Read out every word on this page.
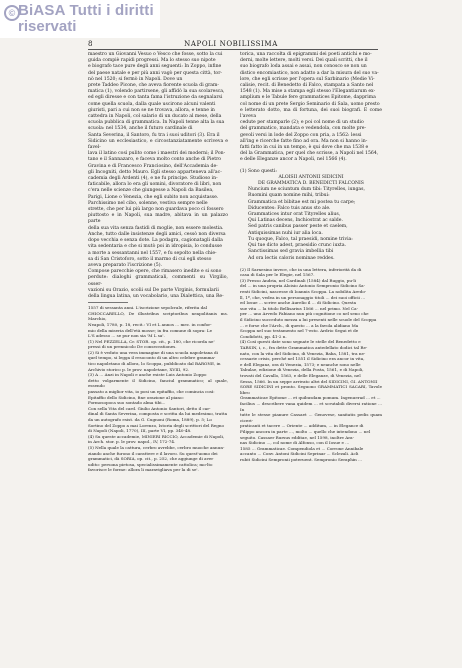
© BiASA Tutti i diritti
riservati
NAPOLI NOBILISSIMA
8
maestro un Giovanni Vesuo o Vesco che fosse, sotto la cui
guida compiè rapidi progressi. Ma lo stesso suo nipote
e biografo tace pure degli anni seguenti: In Zoppo, infine
del paese natale e per più anni vagò per questa città, tor-
nò nel 1520; si fermò in Napoli. Dove un
prete Taddeo Picone, che aveva fiorente scuola di gram-
matica (1), volendo partirsene, gli affidò la sua scolaresca,
ed egli diresse e con tanta fama l'istruzione da segnalarsi
come quella scuola, dalla quale uscirono alcuni valenti
giuristi, pari a cui non se ne trovava, allora, e tenne in
cattedra in Napoli, col salario di un ducato al mese, della
scuola pubblica di grammatica. In Napoli tenne alta la sua
scuola: nel 1534, anche il futuro cardinale di
Santa Severina, il Santoro, fu tra i suoi uditori (3). Era il
Sidicino un ecclesiastico, e circostanziatamente scriveva e favel-
lava il latino così pulito come i maestri dei moderni; il Pon-
tano e il Sannazaro, e faceva molto conto anche di Pietro
Gravina e di Francesco Franciosino, dell'Accademia de-
gli Incogniti, detto Mauro. Egli stesso apparteneva all'ac-
cademia degli Ardenti (4), e ne fu principe. Studioso in-
faticabile, allora lo era gli uomini, divoratore di libri, non
c'era nelle scienze che giungesse a Napoli da Basilea,
Parigi, Lione o Venezia, che egli subito non acquistasse.
Parchissimo nel cibo, solenne, vestiva sempre nelle
strette, che per lui più largo non guardava poco ci fossero
piuttosto e in Napoli, sua madre, abitava in un palazzo parte
della sua vita senza fastidi di moglie, non essere molestia.
Anche, tutto dalle insistenze degli amici, cessò non diversa
dopo vecchia e senza dote. La podagra, cagionatagli dalla
vita sedentaria e che si mutò poi in idropisia, lo condusse
a morte a sessantanni nel 1557, e fu sepolto nella chie-
sa di San Cristoforo, sotto il marmo di cui egli stesso
aveva preparato l'iscrizione (5).
Compose parecchie opere, che rimasero inedite e si sono
perdute: dialoghi grammaticali, commenti su Virgilio, osser-
vazioni su Orazio, scolii sul De parte Virginis, formularii
della lingua latina, un vocabolario, una Dialettica, una Re-
1557 di sessanta anni. L'iscrizione sepolcrale, riferita dal
CHIOCCARELLO, De illustribus scriptoribus neapolitanis ms. Marchio,
Neapoli, 1780, p. 18, recit.: VI et L annos ... mec. in confor-
mio della miseria dell'età mosse; in fra comune di sopra: Le
L'S adesso ... se pur non sia 'M L sa'.
(1) Nel PEZZELLA, Cr. STOR. op. cit., p. 180, che ricorda ne'
pressi di un prennicolo De consecrationes.
(2) Si è veduto una vera immagine di una scuola napoletana di
quel tempo, si legga il resoconto di un altro celebre gramma-
tico napoletano di allora, lo Scoppa, pubblicato dal BARONE, in
Archivio storico p. le prov. napoletane, XVIII, 92.
(3) A ... Anzi in Napoli e anche esiste Luis Antonio Zoppo
detto volgarmente il Sidicino, fanciul grammatico; al quale, essendo
passato a miglior vita, io posi un epitaffio, che comincia così:
Epitaffio dello Sidicino, fine orazione al piano:
Formosopoca suo sontado alma tibi...
Con sella Vita del card. Giulio Antonio Santori, detto il car-
dinal di Santa Severina, composta e scritta da lui medesimo, tratta
da un autografo esist. da G. Cugnoni (Roma, 1889), p. 5; Lo
Sortino del Zoppo a mai Lorenzo, Istoria degli scrittori del Regno
di Napoli (Napoli, 1770), III, parte VI, pp. 340-48.
(4) Su queste accademie, MINIERI RICCIO, Accademie di Napoli,
in Arch. stor. p. le prov. napol., IV, 172-74.
(5) Nella quale la cattura, cerbro avrebbe, cerbro muoche annun-
ziando anche furono il carattere e il lavoro. Su quest'uomo dei
grammatici, dà SORIA, op. cit., p. 252, che aggiunge di aver
udito: persona pietosa, specialissimamente cattolica; mo-lto
favorisce le forme: allora li maravigliava per la di se'.
torica, una raccolta di epigrammi dei poeti antichi e mo-
derni, molte lettere, molti versi. Dei quali scritti, che il
suo biografo loda assai e assai, non conosco se non un
distico encomiastico, non adatto a dar la misura del suo va-
lore, che egli scrisse per l'opera sul Sarbinario (Medie Vi-
calisie, recit. di Benedetto di Falco, stampata a Santo nel
1548 (1). Ma mise a stampa egli stesso l'Elegantiarum ex-
amplium e le Tabule fere grammatices Epitome, dapprima
col nome di un prete Sergio Seminario di Sala, uomo presto
e letterato dotto, ma di fortuna, dei suoi biografi. E come l'aveva
cedute per stamparle (2); e poi col nome di un studio
del grammatico, mandata e vedendola, con molte pre-
gevoli versi in lode del Zoppo con pria, a 1562: lessi
all'ing e ricerche fatte fino ad ora. Ma non si hanno in-
fatti fatto in cui in un tempo, è qui dove che ma 1538 e
del la Grammatica, per quel che scrisse, a Napoli nel 1564,
e delle Eleganze ancor a Napoli, nel 1566 (4).
(1) Sono questi:
ALOISII ANTONII SIDICINI
DE GRAMMATICA D. BENEDICTI FALCONIS
Nuncium ne sciuntum dum tibi: Tityrelles, iungas,
Ruomini quam nomine mihi, tribui:
Grammatica et bibitae est mi postea tu carpe;
Diducentes: Falco tuis anus sto ale.
Grammatices intur orat Tityrelles alius,
Qui Latinas decens, Inchiostrat ac salde.
Sed patris canibus passer peste et caelem,
Antiquissimas nuhi iur alia loca.
Tu quoque, Falco, tal praesidi, nomine trivia:
Qui tue dicto adest, praesidio crunc iuxta.
Sanctissimas sed gravia imbellia tibi
Ad ora lectis caloris nominae reddes.
(2) Il Sarnesino invece, che in una lettera, inferiorità da di
casa di Sala per le Elegie, nel 1567.
(3) Presso Andria, nel Cardinali (1584) dal Ruggio, pu-li
del ... in una propria Aloisio Antonio Sempronio Sidicino Sa-
renti Sidicini, nascesse di Ioannis Scoppa. La nobilita Aredo-
ll, 1º, che, vedea in un personaggio titoli ... dei suoi officii ...
ed Iosue ... scrive anche Aurelio il ... di Sidicino. Questa
sue vita ... la titolo Bellisarius 1566 ... nel primo. Nel Ca-
per ... uno Arvedo Fabiano nun più cognitione co nel seno che
il Sidicino succeduto mezza a lui presenti nelle scuole del Scoppa
... e forse che l'Arch., di questo ... a la favola alidiano Ma
Scoppa nel suo testamento nel 7-esto. Ardrio Segui et de
Condidotti, pp. 41-2 n.
(4) Così questi date sono segnate le stelle del Benedetto e
TARSIN, i, c., fra dette Grammatica antedellato dodici tal Re-
nato, con la vita del Sidicino, di Venezia, Baba, 1581, tra ne-
cessarie crisis, perché nel 1551 il Sidicino era ancor in vita,
e dell Eleganz, ora di Venezia, 1573; e neanche sono nelle
Tabulae, edizione di Venezia, della Posta, 1561, e di Napoli,
trovati del Cavallo, 1563, e delle Eleganze, di Venezia, nel
Sessa, 1566. In un seppe arrivato altri del SIDICINI, GI. ANTONII
SORE SIDICINI et pronto. Seguono GRAMMATICI SACARI, Tavole libro
Grammaticae Epitome ... et quibusdam pomum. Ingenuerad ... et ...
facilius ... describere vana quidem ... et scrutabili diversi ratione ... In
tutte le stesse pianure Cassaet ... Genovese, sanitatis pedis quam ciceri-
praticanti et tacere ... Oriente ... additum, ... in Elegance di
Filippo ancora in parte ..., molto ... quello che intendono ... nel
seguito. Cassaer Rursus edditae, nel 1598, inoltre Ara-
nas Sidicino ..., col nome di Alfonso, con il Iosue e ...
1585 ... Grammaticae. Compendiola et ... Corrone Annibale
accanto ... Conv. Antoni Sidicini Seprinar ... Sclezali. Acli
rubit Sidicini Sempronii poteruent. Sempronio Seraphin ...
